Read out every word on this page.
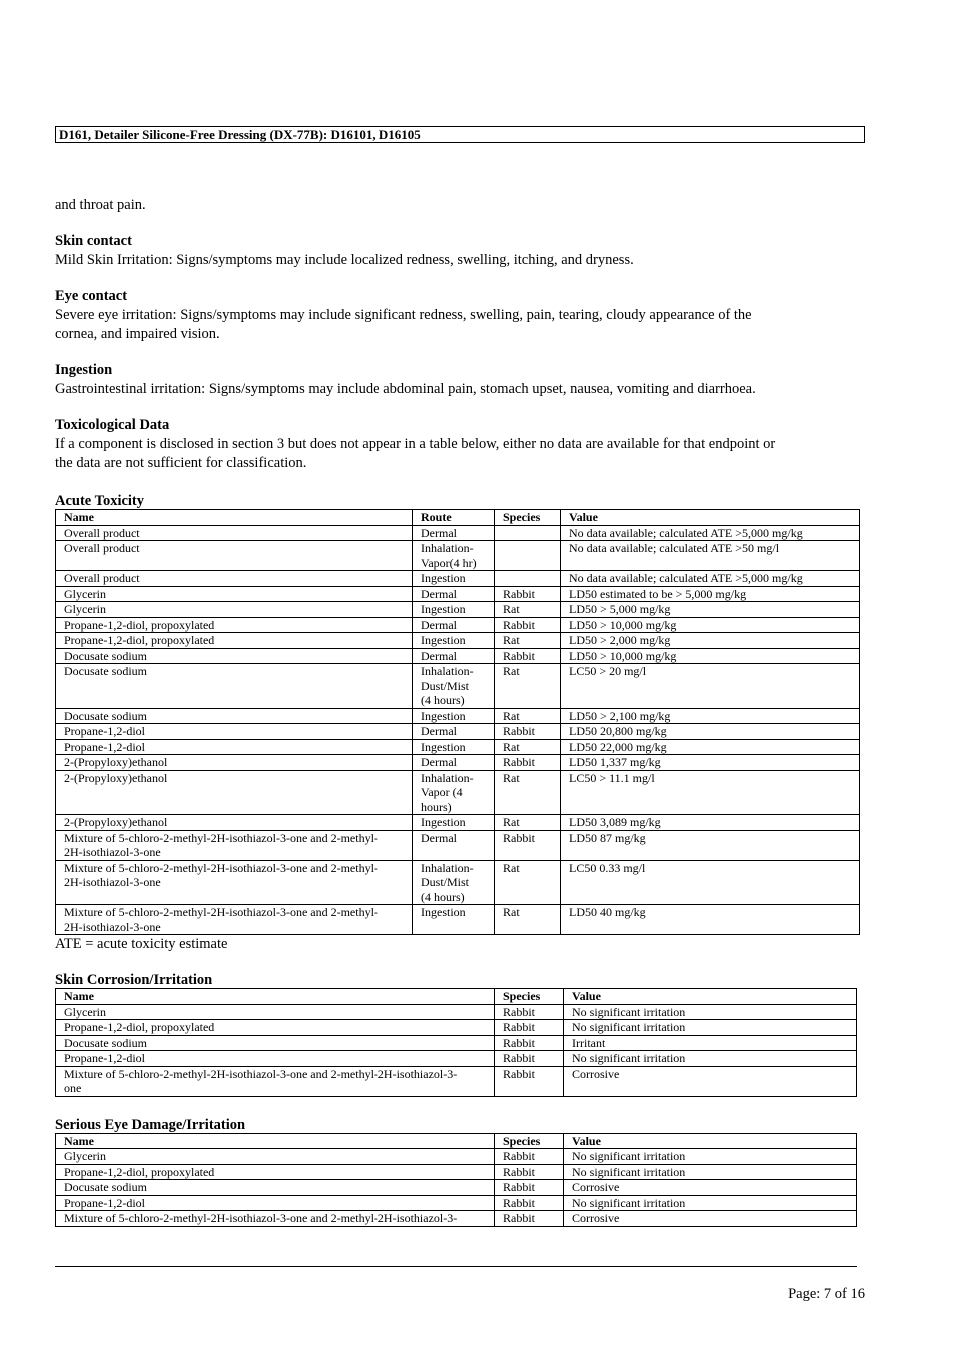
D161, Detailer Silicone-Free Dressing (DX-77B): D16101, D16105

and throat pain.

Skin contact

Mild Skin Irritation: Signs/symptoms may include localized redness, swelling, itching, and dryness.

Eye contact

Severe eye irritation: Signs/symptoms may include significant redness, swelling, pain, tearing, cloudy appearance of the

cornea, and impaired vision.

Ingestion

Gastrointestinal irritation: Signs/symptoms may include abdominal pain, stomach upset, nausea, vomiting and diarrhoea.

Toxicological Data

If a component is disclosed in section 3 but does not appear in a table below, either no data are available for that endpoint or

the data are not sufficient for classification.

Acute Toxicity

Name	Route	Species	Value
Overall product	Dermal		No data available; calculated ATE >5,000 mg/kg
Overall product	Inhalation-
Vapor(4 hr)		No data available; calculated ATE >50 mg/l
Overall product	Ingestion		No data available; calculated ATE >5,000 mg/kg
Glycerin	Dermal	Rabbit	LD50 estimated to be > 5,000 mg/kg
Glycerin	Ingestion	Rat	LD50 > 5,000 mg/kg
Propane-1,2-diol, propoxylated	Dermal	Rabbit	LD50 > 10,000 mg/kg
Propane-1,2-diol, propoxylated	Ingestion	Rat	LD50 > 2,000 mg/kg
Docusate sodium	Dermal	Rabbit	LD50 > 10,000 mg/kg
Docusate sodium	Inhalation-
Dust/Mist
(4 hours)	Rat	LC50 > 20 mg/l
Docusate sodium	Ingestion	Rat	LD50 > 2,100 mg/kg
Propane-1,2-diol	Dermal	Rabbit	LD50 20,800 mg/kg
Propane-1,2-diol	Ingestion	Rat	LD50 22,000 mg/kg
2-(Propyloxy)ethanol	Dermal	Rabbit	LD50 1,337 mg/kg
2-(Propyloxy)ethanol	Inhalation-
Vapor (4
hours)	Rat	LC50 > 11.1 mg/l
2-(Propyloxy)ethanol	Ingestion	Rat	LD50 3,089 mg/kg
Mixture of 5-chloro-2-methyl-2H-isothiazol-3-one and 2-methyl-
2H-isothiazol-3-one	Dermal	Rabbit	LD50 87 mg/kg
Mixture of 5-chloro-2-methyl-2H-isothiazol-3-one and 2-methyl-
2H-isothiazol-3-one	Inhalation-
Dust/Mist
(4 hours)	Rat	LC50 0.33 mg/l
Mixture of 5-chloro-2-methyl-2H-isothiazol-3-one and 2-methyl-
2H-isothiazol-3-one	Ingestion	Rat	LD50 40 mg/kg

ATE = acute toxicity estimate

Skin Corrosion/Irritation

Name	Species	Value
Glycerin	Rabbit	No significant irritation
Propane-1,2-diol, propoxylated	Rabbit	No significant irritation
Docusate sodium	Rabbit	Irritant
Propane-1,2-diol	Rabbit	No significant irritation
Mixture of 5-chloro-2-methyl-2H-isothiazol-3-one and 2-methyl-2H-isothiazol-3-
one	Rabbit	Corrosive

Serious Eye Damage/Irritation

Name	Species	Value
Glycerin	Rabbit	No significant irritation
Propane-1,2-diol, propoxylated	Rabbit	No significant irritation
Docusate sodium	Rabbit	Corrosive
Propane-1,2-diol	Rabbit	No significant irritation
Mixture of 5-chloro-2-methyl-2H-isothiazol-3-one and 2-methyl-2H-isothiazol-3-	Rabbit	Corrosive
Page: 7 of 16
